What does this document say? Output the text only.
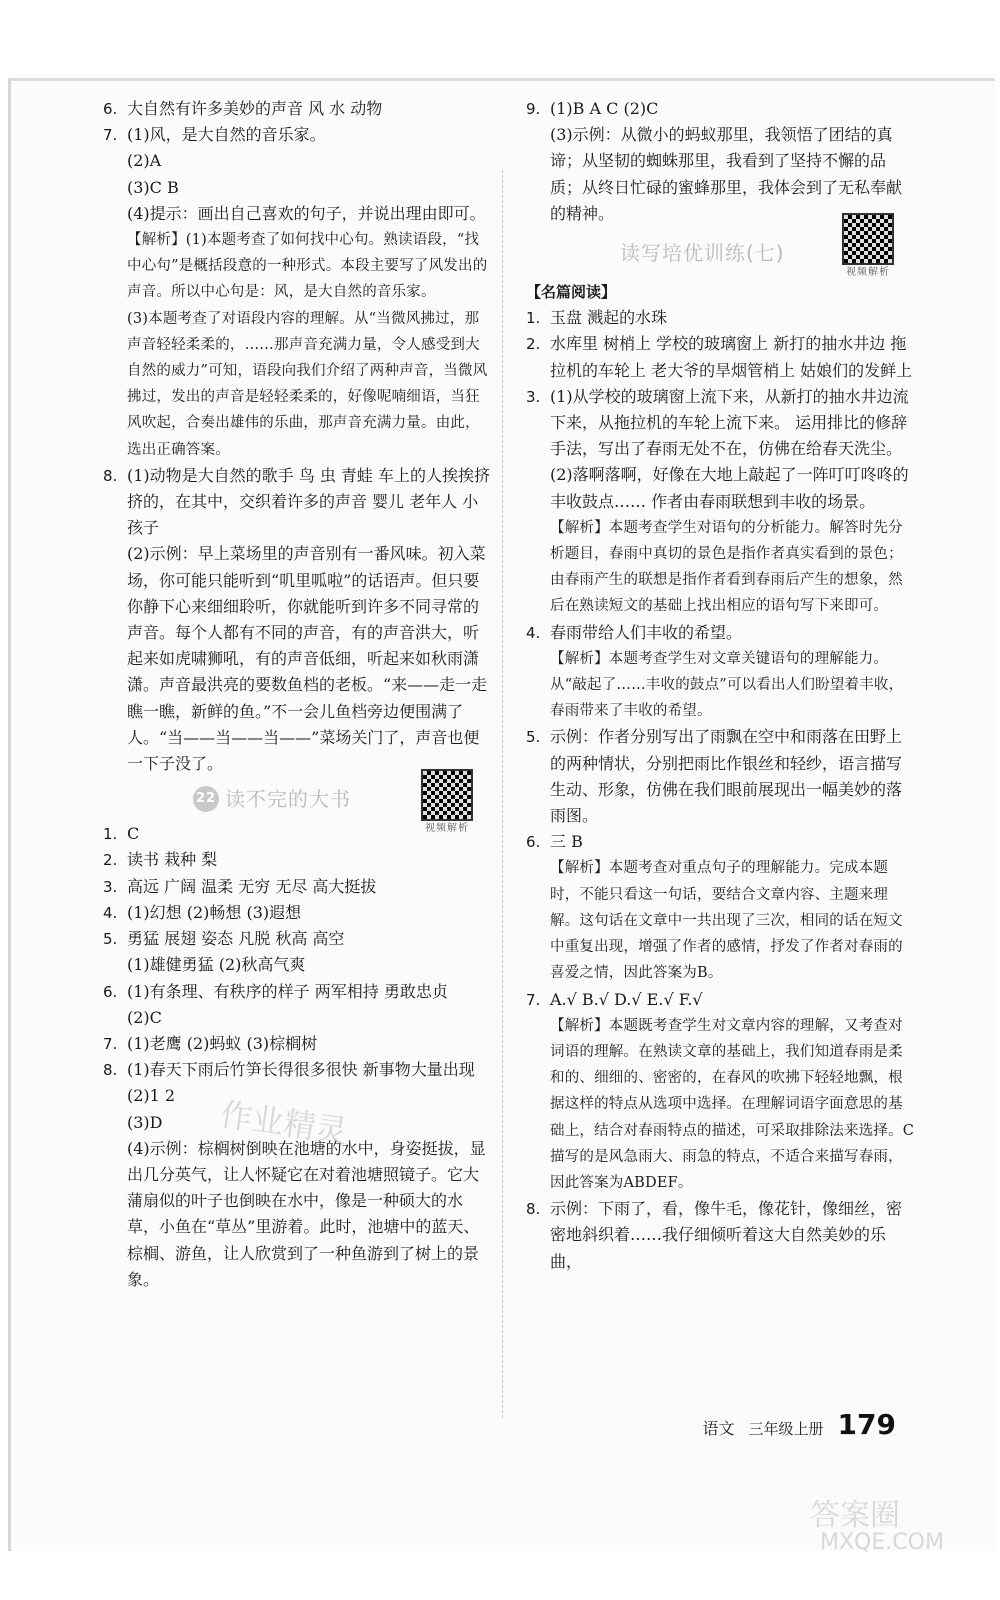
6. 大自然有许多美妙的声音 风 水 动物

7. (1)风，是大自然的音乐家。

(2)A

(3)C B

(4)提示：画出自己喜欢的句子，并说出理由即可。

【解析】(1)本题考查了如何找中心句。熟读语段，“找中心句”是概括段意的一种形式。本段主要写了风发出的声音。所以中心句是：风，是大自然的音乐家。

(3)本题考查了对语段内容的理解。从“当微风拂过，那声音轻轻柔柔的，……那声音充满力量，令人感受到大自然的威力”可知，语段向我们介绍了两种声音，当微风拂过，发出的声音是轻轻柔柔的，好像呢喃细语，当狂风吹起，合奏出雄伟的乐曲，那声音充满力量。由此，选出正确答案。

8. (1)动物是大自然的歌手 鸟 虫 青蛙 车上的人挨挨挤挤的，在其中，交织着许多的声音 婴儿 老年人 小孩子

(2)示例：早上菜场里的声音别有一番风味。初入菜场，你可能只能听到“叽里呱啦”的话语声。但只要你静下心来细细聆听，你就能听到许多不同寻常的声音。每个人都有不同的声音，有的声音洪大，听起来如虎啸狮吼，有的声音低细，听起来如秋雨潇潇。声音最洪亮的要数鱼档的老板。“来——走一走瞧一瞧，新鲜的鱼。”不一会儿鱼档旁边便围满了人。“当——当——当——”菜场关门了，声音也便一下子没了。

22 读不完的大书
视频解析
1. C

2. 读书 栽种 梨

3. 高远 广阔 温柔 无穷 无尽 高大挺拔

4. (1)幻想 (2)畅想 (3)遐想

5. 勇猛 展翅 姿态 凡脱 秋高 高空

(1)雄健勇猛 (2)秋高气爽

6. (1)有条理、有秩序的样子 两军相持 勇敢忠贞

(2)C

7. (1)老鹰 (2)蚂蚁 (3)棕榈树

8. (1)春天下雨后竹笋长得很多很快 新事物大量出现

(2)1 2

(3)D

(4)示例：棕榈树倒映在池塘的水中，身姿挺拔，显出几分英气，让人怀疑它在对着池塘照镜子。它大蒲扇似的叶子也倒映在水中，像是一种硕大的水草，小鱼在“草丛”里游着。此时，池塘中的蓝天、棕榈、游鱼，让人欣赏到了一种鱼游到了树上的景象。

9. (1)B A C (2)C

(3)示例：从微小的蚂蚁那里，我领悟了团结的真谛；从坚韧的蜘蛛那里，我看到了坚持不懈的品质；从终日忙碌的蜜蜂那里，我体会到了无私奉献的精神。

读写培优训练(七)
视频解析
【名篇阅读】
1. 玉盘 溅起的水珠

2. 水库里 树梢上 学校的玻璃窗上 新打的抽水井边 拖拉机的车轮上 老大爷的旱烟管梢上 姑娘们的发鲜上

3. (1)从学校的玻璃窗上流下来，从新打的抽水井边流下来，从拖拉机的车轮上流下来。 运用排比的修辞手法，写出了春雨无处不在，仿佛在给春天洗尘。

(2)落啊落啊，好像在大地上敲起了一阵叮叮咚咚的丰收鼓点…… 作者由春雨联想到丰收的场景。

【解析】本题考查学生对语句的分析能力。解答时先分析题目，春雨中真切的景色是指作者真实看到的景色；由春雨产生的联想是指作者看到春雨后产生的想象，然后在熟读短文的基础上找出相应的语句写下来即可。

4. 春雨带给人们丰收的希望。

【解析】本题考查学生对文章关键语句的理解能力。从“敲起了……丰收的鼓点”可以看出人们盼望着丰收，春雨带来了丰收的希望。

5. 示例：作者分别写出了雨飘在空中和雨落在田野上的两种情状，分别把雨比作银丝和轻纱，语言描写生动、形象，仿佛在我们眼前展现出一幅美妙的落雨图。

6. 三 B

【解析】本题考查对重点句子的理解能力。完成本题时，不能只看这一句话，要结合文章内容、主题来理解。这句话在文章中一共出现了三次，相同的话在短文中重复出现，增强了作者的感情，抒发了作者对春雨的喜爱之情，因此答案为B。

7. A.√ B.√ D.√ E.√ F.√

【解析】本题既考查学生对文章内容的理解，又考查对词语的理解。在熟读文章的基础上，我们知道春雨是柔和的、细细的、密密的，在春风的吹拂下轻轻地飘，根据这样的特点从选项中选择。在理解词语字面意思的基础上，结合对春雨特点的描述，可采取排除法来选择。C描写的是风急雨大、雨急的特点，不适合来描写春雨，因此答案为ABDEF。

8. 示例：下雨了，看，像牛毛，像花针，像细丝，密密地斜织着……我仔细倾听着这大自然美妙的乐曲，

语文 三年级上册 179
作业精灵
答案圈
MXQE.COM
